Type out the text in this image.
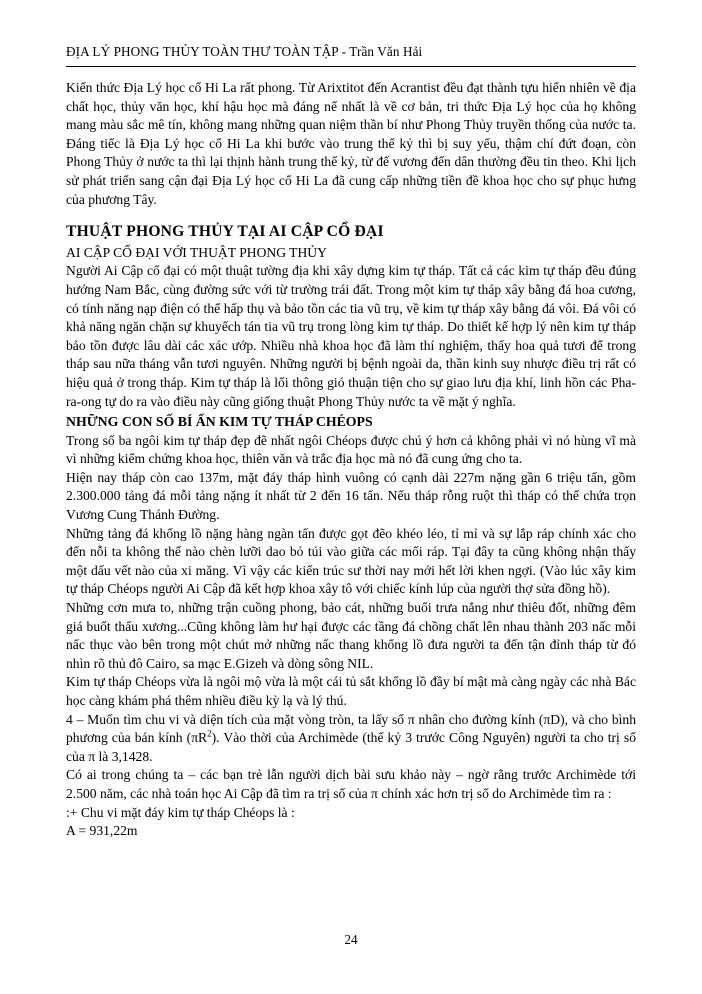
ĐỊA LÝ PHONG THỦY TOÀN THƯ TOÀN TẬP - Trần Văn Hải

Kiến thức Địa Lý học cổ Hi La rất phong. Từ Arixtitot đến Acrantist đều đạt thành tựu hiển nhiên về địa chất học, thủy văn học, khí hậu học mà đáng nể nhất là về cơ bản, tri thức Địa Lý học của họ không mang màu sắc mê tín, không mang những quan niệm thần bí như Phong Thủy truyền thống của nước ta. Đáng tiếc là Địa Lý học cổ Hi La khi bước vào trung thế kỷ thì bị suy yếu, thậm chí đứt đoạn, còn Phong Thủy ở nước ta thì lại thịnh hành trung thế kỷ, từ đế vương đến dân thường đều tin theo. Khi lịch sử phát triển sang cận đại Địa Lý học cổ Hi La đã cung cấp những tiền đề khoa học cho sự phục hưng của phương Tây.

THUẬT PHONG THỦY TẠI AI CẬP CỔ ĐẠI
AI CẬP CỔ ĐẠI VỚI THUẬT PHONG THỦY

Người Ai Cập cổ đại có một thuật tường địa khi xây dựng kim tự tháp. Tất cả các kim tự tháp đều đúng hướng Nam Bắc, cùng đường sức với từ trường trái đất. Trong một kim tự tháp xây bằng đá hoa cương, có tính năng nạp điện có thể hấp thụ và bảo tồn các tia vũ trụ, về kim tự tháp xây bằng đá vôi. Đá vôi có khả năng ngăn chặn sự khuyếch tán tia vũ trụ trong lòng kim tự tháp. Do thiết kế hợp lý nên kim tự tháp bảo tồn được lâu dài các xác ướp. Nhiều nhà khoa học đã làm thí nghiệm, thấy hoa quả tươi để trong tháp sau nữa tháng vẫn tươi nguyên. Những người bị bệnh ngoài da, thần kinh suy nhược điều trị rất có hiệu quả ở trong tháp. Kim tự tháp là lối thông gió thuận tiện cho sự giao lưu địa khí, linh hồn các Pha-ra-ong tự do ra vào điều này cũng giống thuật Phong Thủy nước ta về mặt ý nghĩa.

NHỮNG CON SỐ BÍ ẨN KIM TỰ THÁP CHÉOPS

Trong số ba ngôi kim tự tháp đẹp đẽ nhất ngôi Chéops được chú ý hơn cả không phải vì nó hùng vĩ mà vì những kiểm chứng khoa học, thiên văn và trắc địa học mà nó đã cung ứng cho ta.

Hiện nay tháp còn cao 137m, mặt đáy tháp hình vuông có cạnh dài 227m nặng gần 6 triệu tấn, gồm 2.300.000 tảng đá mỗi tảng nặng ít nhất từ 2 đến 16 tấn. Nếu tháp rỗng ruột thì tháp có thể chứa trọn Vương Cung Thánh Đường.

Những tảng đá khổng lồ nặng hàng ngàn tấn được gọt đẽo khéo léo, tỉ mỉ và sự lắp ráp chính xác cho đến nỗi ta không thể nào chèn lưỡi dao bỏ túi vào giữa các mối ráp. Tại đây ta cũng không nhận thấy một dấu vết nào của xi măng. Vì vậy các kiến trúc sư thời nay mới hết lời khen ngợi. (Vào lúc xây kim tự tháp Chéops người Ai Cập đã kết hợp khoa xây tô với chiếc kính lúp của người thợ sửa đồng hồ).

Những cơn mưa to, những trận cuồng phong, bảo cát, những buổi trưa nắng như thiêu đốt, những đêm giá buốt thấu xương...Cũng không làm hư hại được các tầng đá chồng chất lên nhau thành 203 nấc mỗi nấc thục vào bên trong một chút mở những nấc thang khổng lồ đưa người ta đến tận đỉnh tháp từ đó nhìn rõ thủ đô Cairo, sa mạc E.Gizeh và dòng sông NIL.

Kim tự tháp Chéops vừa là ngôi mộ vừa là một cái tủ sắt khổng lồ đầy bí mật mà càng ngày các nhà Bác học càng khám phá thêm nhiều điều kỳ lạ và lý thú.

4 – Muốn tìm chu vi và diện tích của mặt vòng tròn, ta lấy số π nhân cho đường kính (πD), và cho bình phương của bán kính $(\pi R^2)$. Vào thời của Archimède (thế kỷ 3 trước Công Nguyên) người ta cho trị số của π là 3,1428.

Có ai trong chúng ta – các bạn trẻ lẫn người dịch bài sưu khảo này – ngờ rằng trước Archimède tới 2.500 năm, các nhà toán học Ai Cập đã tìm ra trị số của π chính xác hơn trị số do Archimède tìm ra :

:+ Chu vi mặt đáy kim tự tháp Chéops là :

A = 931,22m

24
